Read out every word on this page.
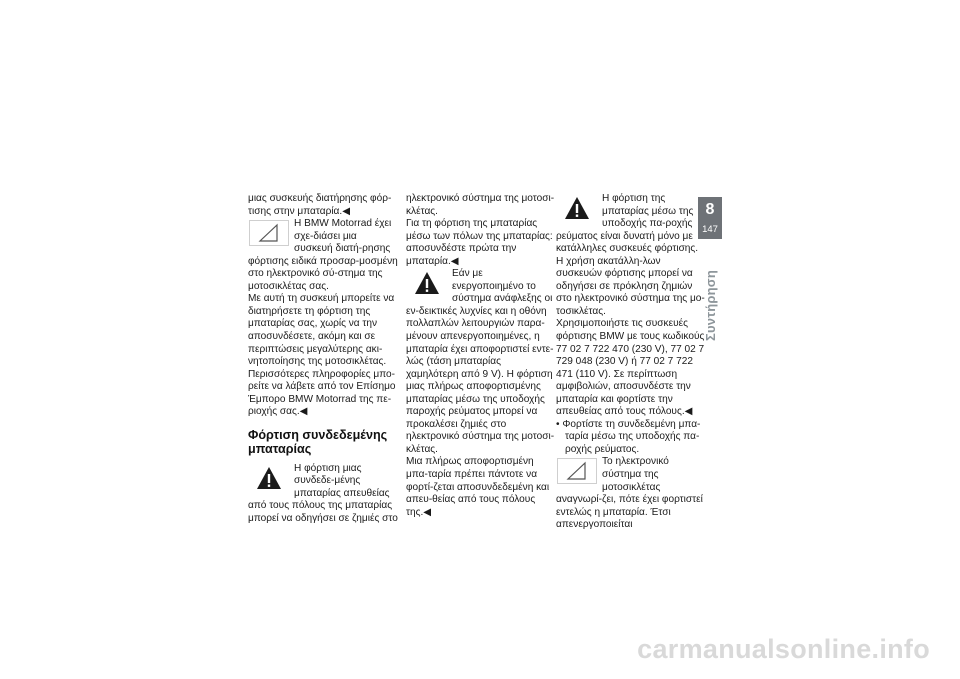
μιας συσκευής διατήρησης φόρ-τισης στην μπαταρία.◀

Η BMW Motorrad έχει σχε-διάσει μια συσκευή διατή-ρησης φόρτισης ειδικά προσαρ-μοσμένη στο ηλεκτρονικό σύ-στημα της μοτοσικλέτας σας.

Με αυτή τη συσκευή μπορείτε να διατηρήσετε τη φόρτιση της μπαταρίας σας, χωρίς να την αποσυνδέσετε, ακόμη και σε περιπτώσεις μεγαλύτερης ακι-νητοποίησης της μοτοσικλέτας. Περισσότερες πληροφορίες μπο-ρείτε να λάβετε από τον Επίσημο Έμπορο BMW Motorrad της πε-ριοχής σας.◀

Φόρτιση συνδεδεμένης μπαταρίας

Η φόρτιση μιας συνδεδε-μένης μπαταρίας απευθείας από τους πόλους της μπαταρίας μπορεί να οδηγήσει σε ζημιές στο

ηλεκτρονικό σύστημα της μοτοσι-κλέτας.

Για τη φόρτιση της μπαταρίας μέσω των πόλων της μπαταρίας: αποσυνδέστε πρώτα την μπαταρία.◀

Εάν με ενεργοποιημένο το σύστημα ανάφλεξης οι εν-δεικτικές λυχνίες και η οθόνη πολλαπλών λειτουργιών παρα-μένουν απενεργοποιημένες, η μπαταρία έχει αποφορτιστεί εντε-λώς (τάση μπαταρίας χαμηλότερη από 9 V). Η φόρτιση μιας πλήρως αποφορτισμένης μπαταρίας μέσω της υποδοχής παροχής ρεύματος μπορεί να προκαλέσει ζημιές στο ηλεκτρονικό σύστημα της μοτοσι-κλέτας.

Μια πλήρως αποφορτισμένη μπα-ταρία πρέπει πάντοτε να φορτί-ζεται αποσυνδεδεμένη και απευ-θείας από τους πόλους της.◀

Η φόρτιση της μπαταρίας μέσω της υποδοχής πα-ροχής ρεύματος είναι δυνατή μόνο με κατάλληλες συσκευές φόρτισης. Η χρήση ακατάλλη-λων συσκευών φόρτισης μπορεί να οδηγήσει σε πρόκληση ζημιών στο ηλεκτρονικό σύστημα της μο-τοσικλέτας.

Χρησιμοποιήστε τις συσκευές φόρτισης BMW με τους κωδικούς 77 02 7 722 470 (230 V), 77 02 7 729 048 (230 V) ή 77 02 7 722 471 (110 V). Σε περίπτωση αμφιβολιών, αποσυνδέστε την μπαταρία και φορτίστε την απευθείας από τους πόλους.◀

• Φορτίστε τη συνδεδεμένη μπα-ταρία μέσω της υποδοχής πα-ροχής ρεύματος.

Το ηλεκτρονικό σύστημα της μοτοσικλέτας αναγνωρί-ζει, πότε έχει φορτιστεί εντελώς η μπαταρία. Έτσι απενεργοποιείται

8
147
Συντήρηση
carmanualsonline.info
